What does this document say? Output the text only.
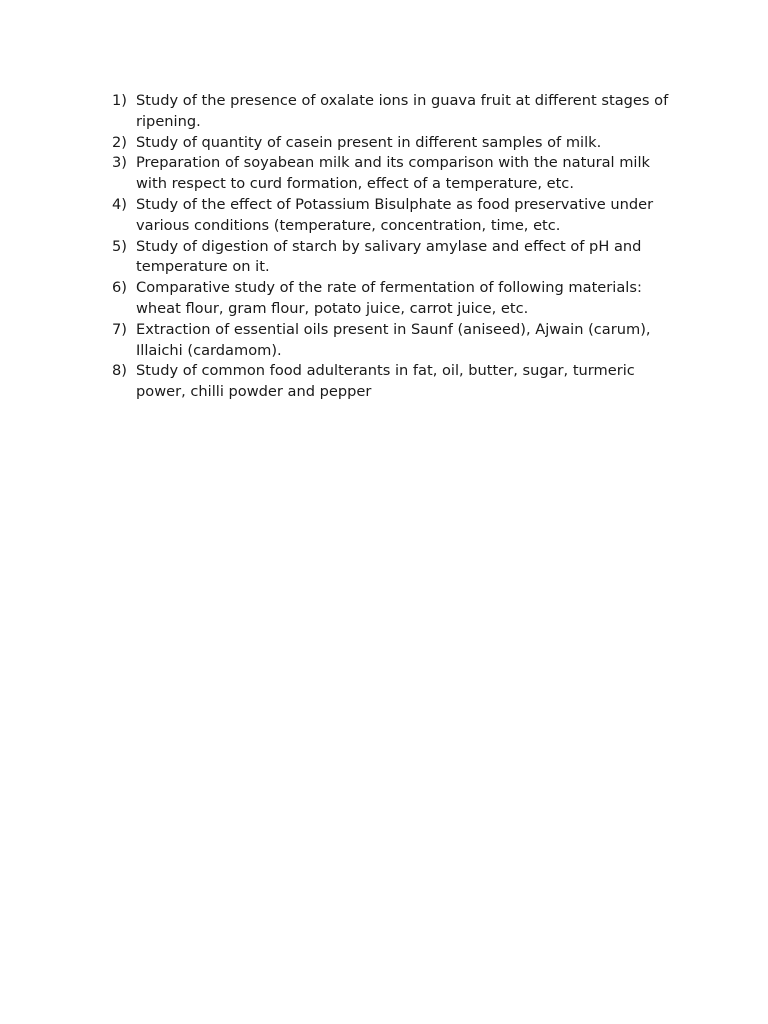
1) Study of the presence of oxalate ions in guava fruit at different stages of ripening.
2) Study of quantity of casein present in different samples of milk.
3) Preparation of soyabean milk and its comparison with the natural milk with respect to curd formation, effect of a temperature, etc.
4) Study of the effect of Potassium Bisulphate as food preservative under various conditions (temperature, concentration, time, etc.
5) Study of digestion of starch by salivary amylase and effect of pH and temperature on it.
6) Comparative study of the rate of fermentation of following materials: wheat flour, gram flour, potato juice, carrot juice, etc.
7) Extraction of essential oils present in Saunf (aniseed), Ajwain (carum), Illaichi (cardamom).
8) Study of common food adulterants in fat, oil, butter, sugar, turmeric power, chilli powder and pepper
